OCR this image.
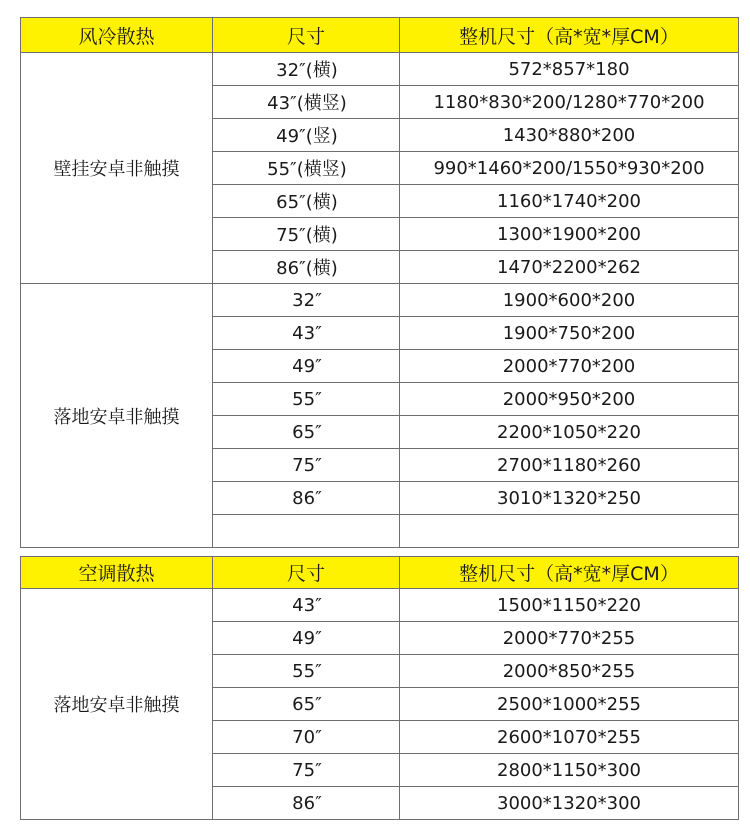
风冷散热	尺寸	整机尺寸（高*宽*厚CM）
壁挂安卓非触摸	32″(横)	572*857*180
	43″(横竖)	1180*830*200/1280*770*200
	49″(竖)	1430*880*200
	55″(横竖)	990*1460*200/1550*930*200
	65″(横)	1160*1740*200
	75″(横)	1300*1900*200
	86″(横)	1470*2200*262
落地安卓非触摸	32″	1900*600*200
	43″	1900*750*200
	49″	2000*770*200
	55″	2000*950*200
	65″	2200*1050*220
	75″	2700*1180*260
	86″	3010*1320*250

空调散热	尺寸	整机尺寸（高*宽*厚CM）
落地安卓非触摸	43″	1500*1150*220
	49″	2000*770*255
	55″	2000*850*255
	65″	2500*1000*255
	70″	2600*1070*255
	75″	2800*1150*300
	86″	3000*1320*300
